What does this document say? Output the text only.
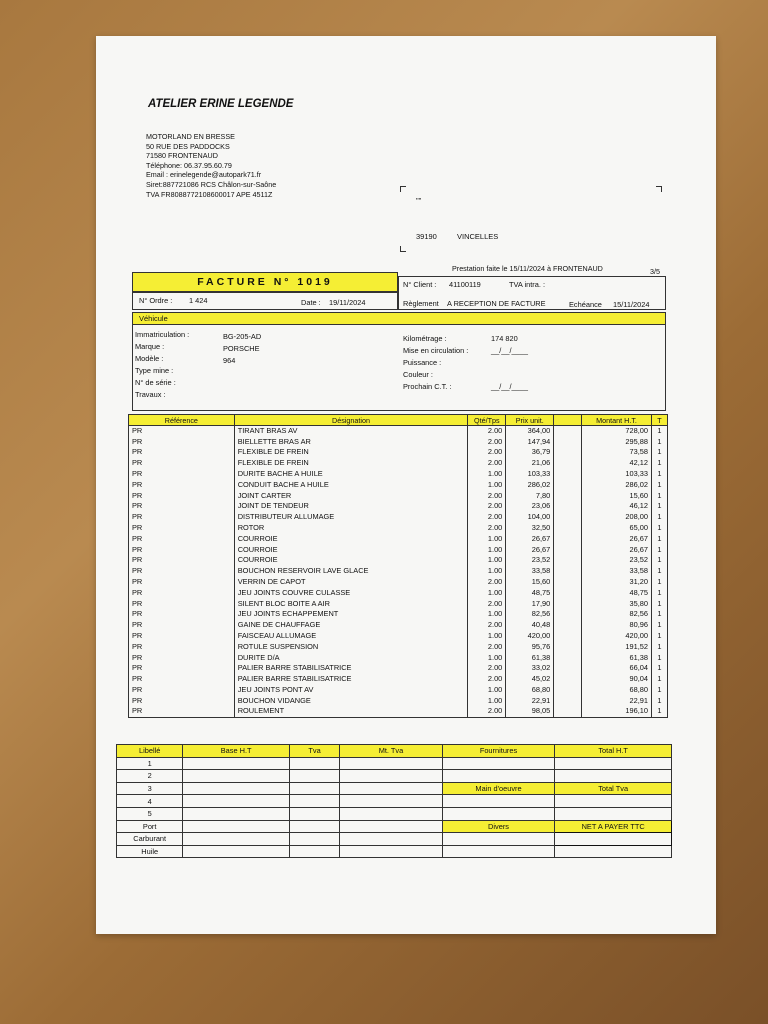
ATELIER ERINE LEGENDE
MOTORLAND EN BRESSE
50 RUE DES PADDOCKS
71580 FRONTENAUD
Téléphone: 06.37.95.60.79
Email : erinelegende@autopark71.fr
Siret:887721086 RCS Châlon-sur-Saône
TVA FR8088772108600017 APE 4511Z
""
39190	VINCELLES
Prestation faite le 15/11/2024 à FRONTENAUD	3/5
FACTURE N° 1019
N° Ordre : 1 424	Date : 19/11/2024
N° Client : 41100119	TVA intra. :
Règlement A RECEPTION DE FACTURE	Echéance 15/11/2024
Véhicule
Immatriculation :	BG-205-AD
Marque :	PORSCHE
Modèle :	964
Type mine :
N° de série :
Travaux :
Kilométrage :	174 820
Mise en circulation :	__/__/____
Puissance :
Couleur :
Prochain C.T. :	__/__/____
Référence	Désignation	Qté/Tps	Prix unit.		Montant H.T.	T
PR	TIRANT BRAS AV	2.00	364,00		728,00	1
PR	BIELLETTE BRAS AR	2.00	147,94		295,88	1
PR	FLEXIBLE DE FREIN	2.00	36,79		73,58	1
PR	FLEXIBLE DE FREIN	2.00	21,06		42,12	1
PR	DURITE BACHE A HUILE	1.00	103,33		103,33	1
PR	CONDUIT BACHE A HUILE	1.00	286,02		286,02	1
PR	JOINT CARTER	2.00	7,80		15,60	1
PR	JOINT DE TENDEUR	2.00	23,06		46,12	1
PR	DISTRIBUTEUR ALLUMAGE	2.00	104,00		208,00	1
PR	ROTOR	2.00	32,50		65,00	1
PR	COURROIE	1.00	26,67		26,67	1
PR	COURROIE	1.00	26,67		26,67	1
PR	COURROIE	1.00	23,52		23,52	1
PR	BOUCHON RESERVOIR LAVE GLACE	1.00	33,58		33,58	1
PR	VERRIN DE CAPOT	2.00	15,60		31,20	1
PR	JEU JOINTS COUVRE CULASSE	1.00	48,75		48,75	1
PR	SILENT BLOC BOITE A AIR	2.00	17,90		35,80	1
PR	JEU JOINTS ECHAPPEMENT	1.00	82,56		82,56	1
PR	GAINE DE CHAUFFAGE	2.00	40,48		80,96	1
PR	FAISCEAU ALLUMAGE	1.00	420,00		420,00	1
PR	ROTULE SUSPENSION	2.00	95,76		191,52	1
PR	DURITE D/A	1.00	61,38		61,38	1
PR	PALIER BARRE STABILISATRICE	2.00	33,02		66,04	1
PR	PALIER BARRE STABILISATRICE	2.00	45,02		90,04	1
PR	JEU JOINTS PONT AV	1.00	68,80		68,80	1
PR	BOUCHON VIDANGE	1.00	22,91		22,91	1
PR	ROULEMENT	2.00	98,05		196,10	1
Libellé	Base H.T	Tva	Mt. Tva	Fournitures	Total H.T
1					
2					
3				Main d'oeuvre	Total Tva
4					
5					
Port				Divers	NET A PAYER TTC
Carburant					
Huile					
